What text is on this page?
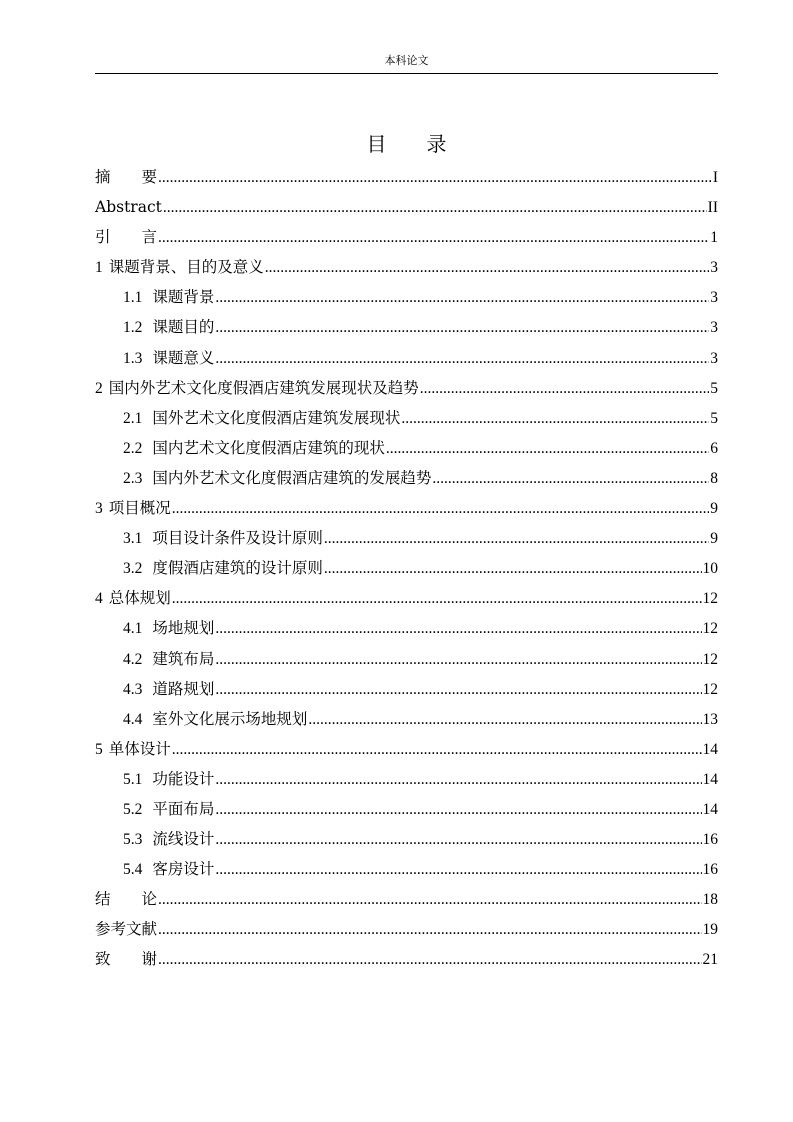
本科论文
目　　录
摘　　要 .....	I
Abstract .....	II
引　　言 .....	1
1 课题背景、目的及意义 .....	3
1.1 课题背景 .....	3
1.2 课题目的 .....	3
1.3 课题意义 .....	3
2 国内外艺术文化度假酒店建筑发展现状及趋势 .....	5
2.1 国外艺术文化度假酒店建筑发展现状 .....	5
2.2 国内艺术文化度假酒店建筑的现状 .....	6
2.3 国内外艺术文化度假酒店建筑的发展趋势 .....	8
3 项目概况 .....	9
3.1 项目设计条件及设计原则 .....	9
3.2 度假酒店建筑的设计原则 .....	10
4 总体规划 .....	12
4.1 场地规划 .....	12
4.2 建筑布局 .....	12
4.3 道路规划 .....	12
4.4 室外文化展示场地规划 .....	13
5 单体设计 .....	14
5.1 功能设计 .....	14
5.2 平面布局 .....	14
5.3 流线设计 .....	16
5.4 客房设计 .....	16
结　　论 .....	18
参考文献 .....	19
致　　谢 .....	21
